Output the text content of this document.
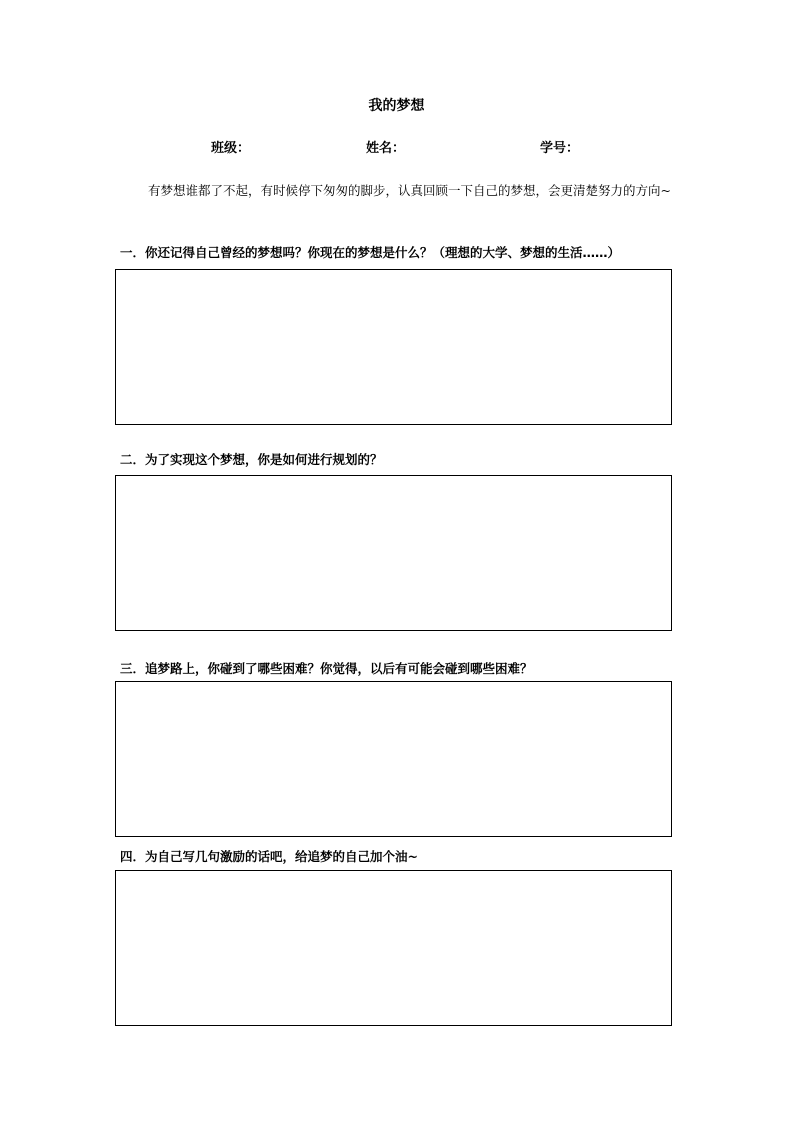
我的梦想
班级：	姓名：	学号：

有梦想谁都了不起，有时候停下匆匆的脚步，认真回顾一下自己的梦想，会更清楚努力的方向~

一．你还记得自己曾经的梦想吗？你现在的梦想是什么？（理想的大学、梦想的生活……）
二．为了实现这个梦想，你是如何进行规划的？
三．追梦路上，你碰到了哪些困难？你觉得，以后有可能会碰到哪些困难？
四．为自己写几句激励的话吧，给追梦的自己加个油~
